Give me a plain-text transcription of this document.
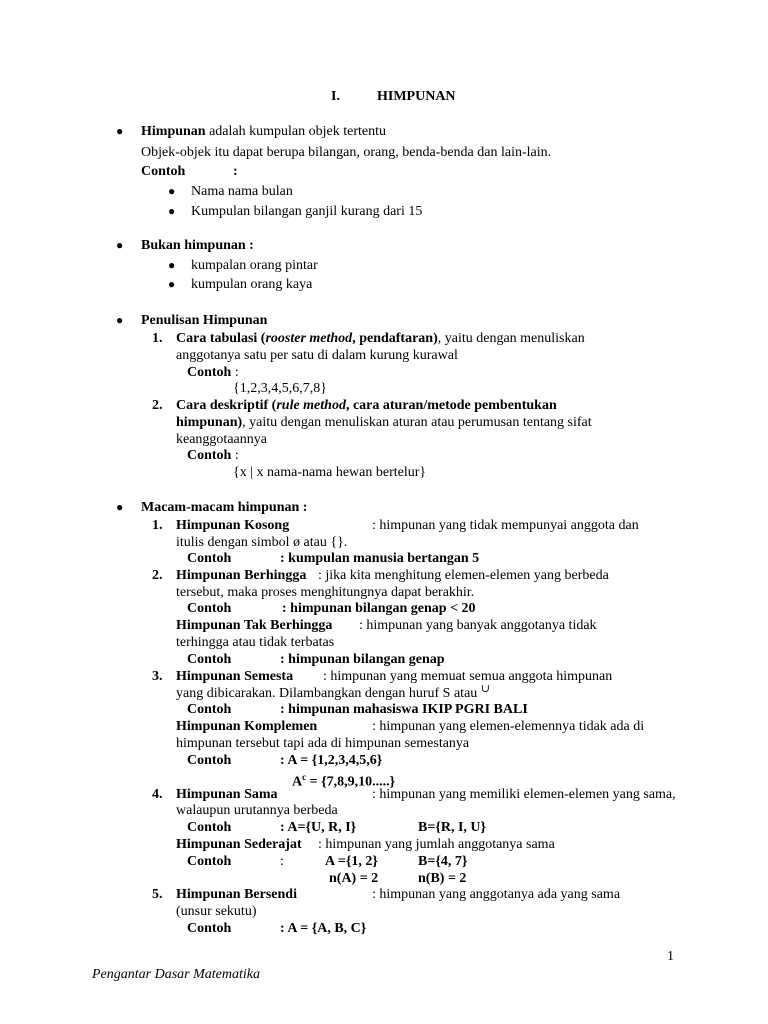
I.	HIMPUNAN
● Himpunan adalah kumpulan objek tertentu
Objek-objek itu dapat berupa bilangan, orang, benda-benda dan lain-lain.
Contoh	:
● Nama nama bulan
● Kumpulan bilangan ganjil kurang dari 15
● Bukan himpunan :
● kumpalan orang pintar
● kumpulan orang kaya
● Penulisan Himpunan
1. Cara tabulasi (rooster method, pendaftaran), yaitu dengan menuliskan
anggotanya satu per satu di dalam kurung kurawal
Contoh :
{1,2,3,4,5,6,7,8}
2. Cara deskriptif (rule method, cara aturan/metode pembentukan
himpunan), yaitu dengan menuliskan aturan atau perumusan tentang sifat
keanggotaannya
Contoh :
{x | x nama-nama hewan bertelur}
● Macam-macam himpunan :
1. Himpunan Kosong	: himpunan yang tidak mempunyai anggota dan
itulis dengan simbol ø atau {}.
Contoh	: kumpulan manusia bertangan 5
2. Himpunan Berhingga : jika kita menghitung elemen-elemen yang berbeda
tersebut, maka proses menghitungnya dapat berakhir.
Contoh	: himpunan bilangan genap < 20
Himpunan Tak Berhingga : himpunan yang banyak anggotanya tidak
terhingga atau tidak terbatas
Contoh	: himpunan bilangan genap
3. Himpunan Semesta : himpunan yang memuat semua anggota himpunan
yang dibicarakan. Dilambangkan dengan huruf S atau ∪
Contoh	: himpunan mahasiswa IKIP PGRI BALI
Himpunan Komplemen	: himpunan yang elemen-elemennya tidak ada di
himpunan tersebut tapi ada di himpunan semestanya
Contoh	: A = {1,2,3,4,5,6}
$A^c = \{7,8,9,10.....\}$
4. Himpunan Sama	: himpunan yang memiliki elemen-elemen yang sama,
walaupun urutannya berbeda
Contoh	: A={U, R, I}	B={R, I, U}
Himpunan Sederajat : himpunan yang jumlah anggotanya sama
Contoh	:	A ={1, 2}	B={4, 7}
n(A) = 2	n(B) = 2
5. Himpunan Bersendi	: himpunan yang anggotanya ada yang sama
(unsur sekutu)
Contoh	: A = {A, B, C}
1
Pengantar Dasar Matematika
